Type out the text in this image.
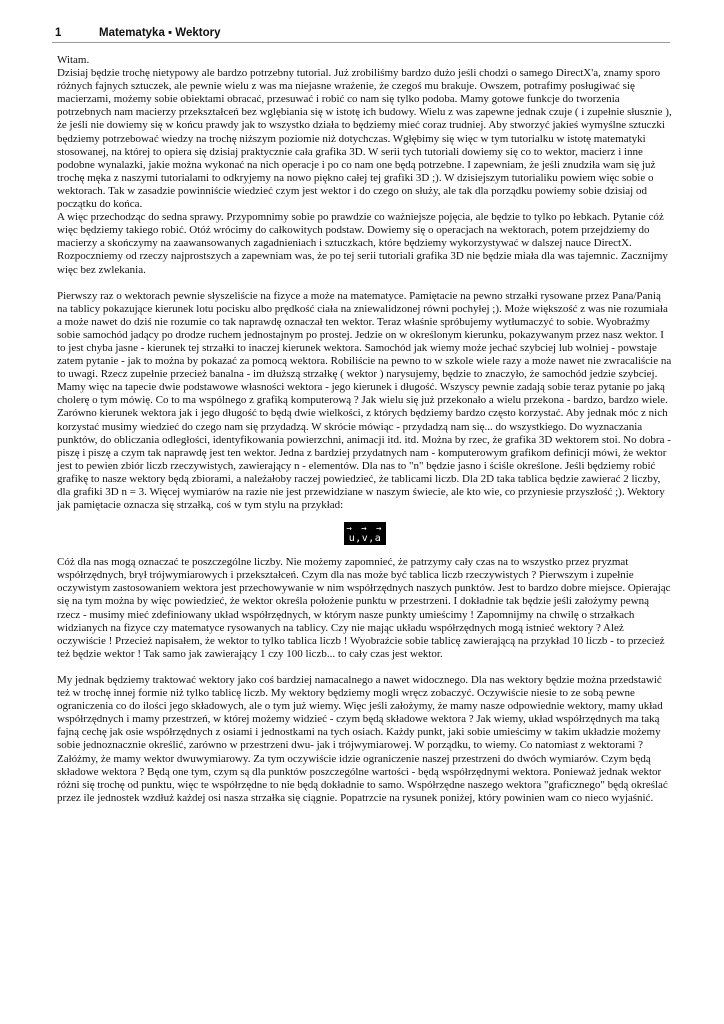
1	Matematyka ▪ Wektory

Witam.

Dzisiaj będzie trochę nietypowy ale bardzo potrzebny tutorial. Już zrobiliśmy bardzo dużo jeśli chodzi o samego DirectX'a, znamy sporo różnych fajnych sztuczek, ale pewnie wielu z was ma niejasne wrażenie, że czegoś mu brakuje. Owszem, potrafimy posługiwać się macierzami, możemy sobie obiektami obracać, przesuwać i robić co nam się tylko podoba. Mamy gotowe funkcje do tworzenia potrzebnych nam macierzy przekształceń bez wglębiania się w istotę ich budowy. Wielu z was zapewne jednak czuje ( i zupełnie słusznie ), że jeśli nie dowiemy się w końcu prawdy jak to wszystko działa to będziemy mieć coraz trudniej. Aby stworzyć jakieś wymyślne sztuczki będziemy potrzebować wiedzy na trochę niższym poziomie niż dotychczas. Wgłębimy się więc w tym tutorialku w istotę matematyki stosowanej, na której to opiera się dzisiaj praktycznie cała grafika 3D. W serii tych tutoriali dowiemy się co to wektor, macierz i inne podobne wynalazki, jakie można wykonać na nich operacje i po co nam one będą potrzebne. I zapewniam, że jeśli znudziła wam się już trochę męka z naszymi tutorialami to odkryjemy na nowo piękno całej tej grafiki 3D ;). W dzisiejszym tutorialiku powiem więc sobie o wektorach. Tak w zasadzie powinniście wiedzieć czym jest wektor i do czego on służy, ale tak dla porządku powiemy sobie dzisiaj od początku do końca.

A więc przechodząc do sedna sprawy. Przypomnimy sobie po prawdzie co ważniejsze pojęcia, ale będzie to tylko po łebkach. Pytanie cóż więc będziemy takiego robić. Otóż wrócimy do całkowitych podstaw. Dowiemy się o operacjach na wektorach, potem przejdziemy do macierzy a skończymy na zaawansowanych zagadnieniach i sztuczkach, które będziemy wykorzystywać w dalszej nauce DirectX. Rozpoczniemy od rzeczy najprostszych a zapewniam was, że po tej serii tutoriali grafika 3D nie będzie miała dla was tajemnic. Zacznijmy więc bez zwlekania.

Pierwszy raz o wektorach pewnie słyszeliście na fizyce a może na matematyce. Pamiętacie na pewno strzałki rysowane przez Pana/Panią na tablicy pokazujące kierunek lotu pocisku albo prędkość ciała na zniewalidzonej równi pochyłej ;). Może większość z was nie rozumiała a może nawet do dziś nie rozumie co tak naprawdę oznaczał ten wektor. Teraz właśnie spróbujemy wytłumaczyć to sobie. Wyobraźmy sobie samochód jadący po drodze ruchem jednostajnym po prostej. Jedzie on w określonym kierunku, pokazywanym przez nasz wektor. I to jest chyba jasne - kierunek tej strzałki to inaczej kierunek wektora. Samochód jak wiemy może jechać szybciej lub wolniej - powstaje zatem pytanie - jak to można by pokazać za pomocą wektora. Robiliście na pewno to w szkole wiele razy a może nawet nie zwracaliście na to uwagi. Rzecz zupełnie przecież banalna - im dłuższą strzałkę ( wektor ) narysujemy, będzie to znaczyło, że samochód jedzie szybciej. Mamy więc na tapecie dwie podstawowe własności wektora - jego kierunek i długość. Wszyscy pewnie zadają sobie teraz pytanie po jaką cholerę o tym mówię. Co to ma wspólnego z grafiką komputerową ? Jak wielu się już przekonało a wielu przekona - bardzo, bardzo wiele. Zarówno kierunek wektora jak i jego długość to będą dwie wielkości, z których będziemy bardzo często korzystać. Aby jednak móc z nich korzystać musimy wiedzieć do czego nam się przydadzą. W skrócie mówiąc - przydadzą nam się... do wszystkiego. Do wyznaczania punktów, do obliczania odległości, identyfikowania powierzchni, animacji itd. itd. Można by rzec, że grafika 3D wektorem stoi. No dobra - piszę i piszę a czym tak naprawdę jest ten wektor. Jedna z bardziej przydatnych nam - komputerowym grafikom definicji mówi, że wektor jest to pewien zbiór liczb rzeczywistych, zawierający n - elementów. Dla nas to "n" będzie jasno i ściśle określone. Jeśli będziemy robić grafikę to nasze wektory będą zbiorami, a należałoby raczej powiedzieć, że tablicami liczb. Dla 2D taka tablica będzie zawierać 2 liczby, dla grafiki 3D n = 3. Więcej wymiarów na razie nie jest przewidziane w naszym świecie, ale kto wie, co przyniesie przyszłość ;). Wektory jak pamiętacie oznacza się strzałką, coś w tym stylu na przykład:

→ → →
u,v,a

Cóż dla nas mogą oznaczać te poszczególne liczby. Nie możemy zapomnieć, że patrzymy cały czas na to wszystko przez pryzmat współrzędnych, brył trójwymiarowych i przekształceń. Czym dla nas może być tablica liczb rzeczywistych ? Pierwszym i zupełnie oczywistym zastosowaniem wektora jest przechowywanie w nim współrzędnych naszych punktów. Jest to bardzo dobre miejsce. Opierając się na tym można by więc powiedzieć, że wektor określa położenie punktu w przestrzeni. I dokładnie tak będzie jeśli założymy pewną rzecz - musimy mieć zdefiniowany układ współrzędnych, w którym nasze punkty umieścimy ! Zapomnijmy na chwilę o strzałkach widzianych na fizyce czy matematyce rysowanych na tablicy. Czy nie mając układu współrzędnych mogą istnieć wektory ? Ależ oczywiście ! Przecież napisałem, że wektor to tylko tablica liczb ! Wyobraźcie sobie tablicę zawierającą na przykład 10 liczb - to przecież też będzie wektor ! Tak samo jak zawierający 1 czy 100 liczb... to cały czas jest wektor.

My jednak będziemy traktować wektory jako coś bardziej namacalnego a nawet widocznego. Dla nas wektory będzie można przedstawić też w trochę innej formie niż tylko tablicę liczb. My wektory będziemy mogli wręcz zobaczyć. Oczywiście niesie to ze sobą pewne ograniczenia co do ilości jego składowych, ale o tym już wiemy. Więc jeśli założymy, że mamy nasze odpowiednie wektory, mamy układ współrzędnych i mamy przestrzeń, w której możemy widzieć - czym będą składowe wektora ? Jak wiemy, układ współrzędnych ma taką fajną cechę jak osie współrzędnych z osiami i jednostkami na tych osiach. Każdy punkt, jaki sobie umieścimy w takim układzie możemy sobie jednoznacznie określić, zarówno w przestrzeni dwu- jak i trójwymiarowej. W porządku, to wiemy. Co natomiast z wektorami ? Załóżmy, że mamy wektor dwuwymiarowy. Za tym oczywiście idzie ograniczenie naszej przestrzeni do dwóch wymiarów. Czym będą składowe wektora ? Będą one tym, czym są dla punktów poszczególne wartości - będą współrzędnymi wektora. Ponieważ jednak wektor różni się trochę od punktu, więc te współrzędne to nie będą dokładnie to samo. Współrzędne naszego wektora "graficznego" będą określać przez ile jednostek wzdłuż każdej osi nasza strzałka się ciągnie. Popatrzcie na rysunek poniżej, który powinien wam co nieco wyjaśnić.
